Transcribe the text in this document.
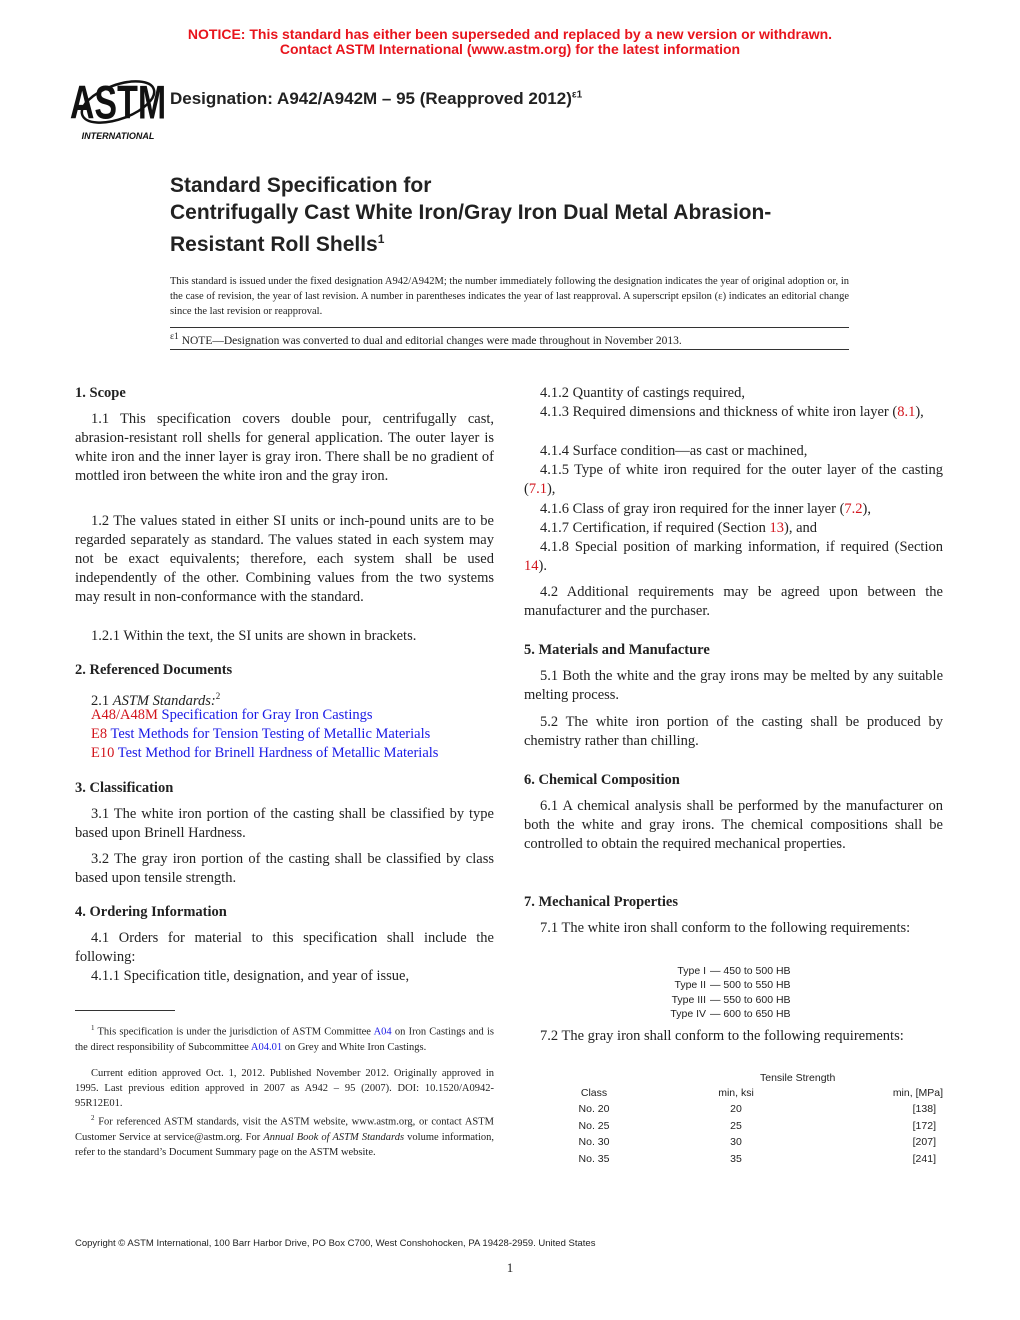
NOTICE: This standard has either been superseded and replaced by a new version or withdrawn.
Contact ASTM International (www.astm.org) for the latest information
ASTM
INTERNATIONAL
Designation: A942/A942M – 95 (Reapproved 2012)$^{\varepsilon 1}$
Standard Specification for
Centrifugally Cast White Iron/Gray Iron Dual Metal Abrasion-
Resistant Roll Shells$^1$
This standard is issued under the fixed designation A942/A942M; the number immediately following the designation indicates the year of original adoption or, in the case of revision, the year of last revision. A number in parentheses indicates the year of last reapproval. A superscript epsilon (ε) indicates an editorial change since the last revision or reapproval.
$^{\varepsilon 1}$ NOTE—Designation was converted to dual and editorial changes were made throughout in November 2013.
1. Scope
1.1 This specification covers double pour, centrifugally cast, abrasion-resistant roll shells for general application. The outer layer is white iron and the inner layer is gray iron. There shall be no gradient of mottled iron between the white iron and the gray iron.
1.2 The values stated in either SI units or inch-pound units are to be regarded separately as standard. The values stated in each system may not be exact equivalents; therefore, each system shall be used independently of the other. Combining values from the two systems may result in non-conformance with the standard.
1.2.1 Within the text, the SI units are shown in brackets.
2. Referenced Documents
2.1 ASTM Standards:$^2$
A48/A48M Specification for Gray Iron Castings
E8 Test Methods for Tension Testing of Metallic Materials
E10 Test Method for Brinell Hardness of Metallic Materials
3. Classification
3.1 The white iron portion of the casting shall be classified by type based upon Brinell Hardness.
3.2 The gray iron portion of the casting shall be classified by class based upon tensile strength.
4. Ordering Information
4.1 Orders for material to this specification shall include the following:
4.1.1 Specification title, designation, and year of issue,
$^1$ This specification is under the jurisdiction of ASTM Committee A04 on Iron Castings and is the direct responsibility of Subcommittee A04.01 on Grey and White Iron Castings.
Current edition approved Oct. 1, 2012. Published November 2012. Originally approved in 1995. Last previous edition approved in 2007 as A942 – 95 (2007). DOI: 10.1520/A0942-95R12E01.
$^2$ For referenced ASTM standards, visit the ASTM website, www.astm.org, or contact ASTM Customer Service at service@astm.org. For Annual Book of ASTM Standards volume information, refer to the standard’s Document Summary page on the ASTM website.
4.1.2 Quantity of castings required,
4.1.3 Required dimensions and thickness of white iron layer (8.1),
4.1.4 Surface condition—as cast or machined,
4.1.5 Type of white iron required for the outer layer of the casting (7.1),
4.1.6 Class of gray iron required for the inner layer (7.2),
4.1.7 Certification, if required (Section 13), and
4.1.8 Special position of marking information, if required (Section 14).
4.2 Additional requirements may be agreed upon between the manufacturer and the purchaser.
5. Materials and Manufacture
5.1 Both the white and the gray irons may be melted by any suitable melting process.
5.2 The white iron portion of the casting shall be produced by chemistry rather than chilling.
6. Chemical Composition
6.1 A chemical analysis shall be performed by the manufacturer on both the white and gray irons. The chemical compositions shall be controlled to obtain the required mechanical properties.
7. Mechanical Properties
7.1 The white iron shall conform to the following requirements:
Type I — 450 to 500 HB
Type II — 500 to 550 HB
Type III — 550 to 600 HB
Type IV — 600 to 650 HB
7.2 The gray iron shall conform to the following requirements:
Tensile Strength
Class	min, ksi	min, [MPa]
No. 20	20	[138]
No. 25	25	[172]
No. 30	30	[207]
No. 35	35	[241]
Copyright © ASTM International, 100 Barr Harbor Drive, PO Box C700, West Conshohocken, PA 19428-2959. United States
1
